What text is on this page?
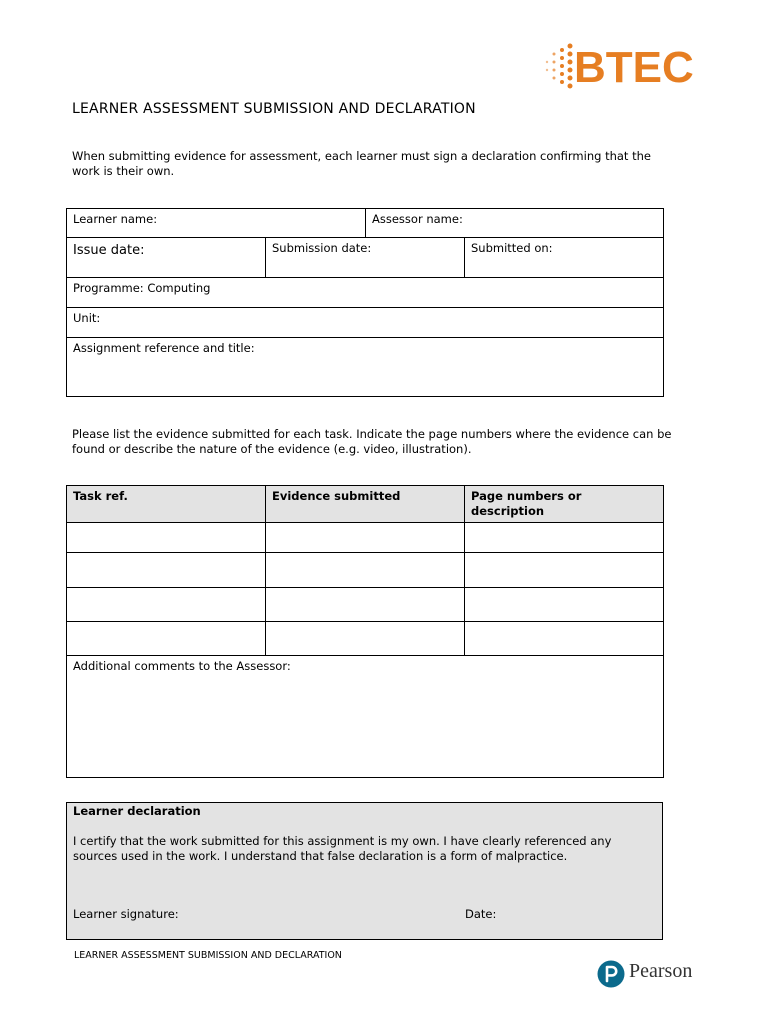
BTEC
LEARNER ASSESSMENT SUBMISSION AND DECLARATION
When submitting evidence for assessment, each learner must sign a declaration confirming that the work is their own.
Learner name:		Assessor name:	
Issue date:	Submission date:		Submitted on:
Programme: Computing			
Unit:			
Assignment reference and title:			
Please list the evidence submitted for each task. Indicate the page numbers where the evidence can be found or describe the nature of the evidence (e.g. video, illustration).
Task ref.	Evidence submitted	Page numbers or description

Additional comments to the Assessor:		
Learner declaration
I certify that the work submitted for this assignment is my own. I have clearly referenced any sources used in the work. I understand that false declaration is a form of malpractice.
Learner signature:	Date:
LEARNER ASSESSMENT SUBMISSION AND DECLARATION
Pearson
